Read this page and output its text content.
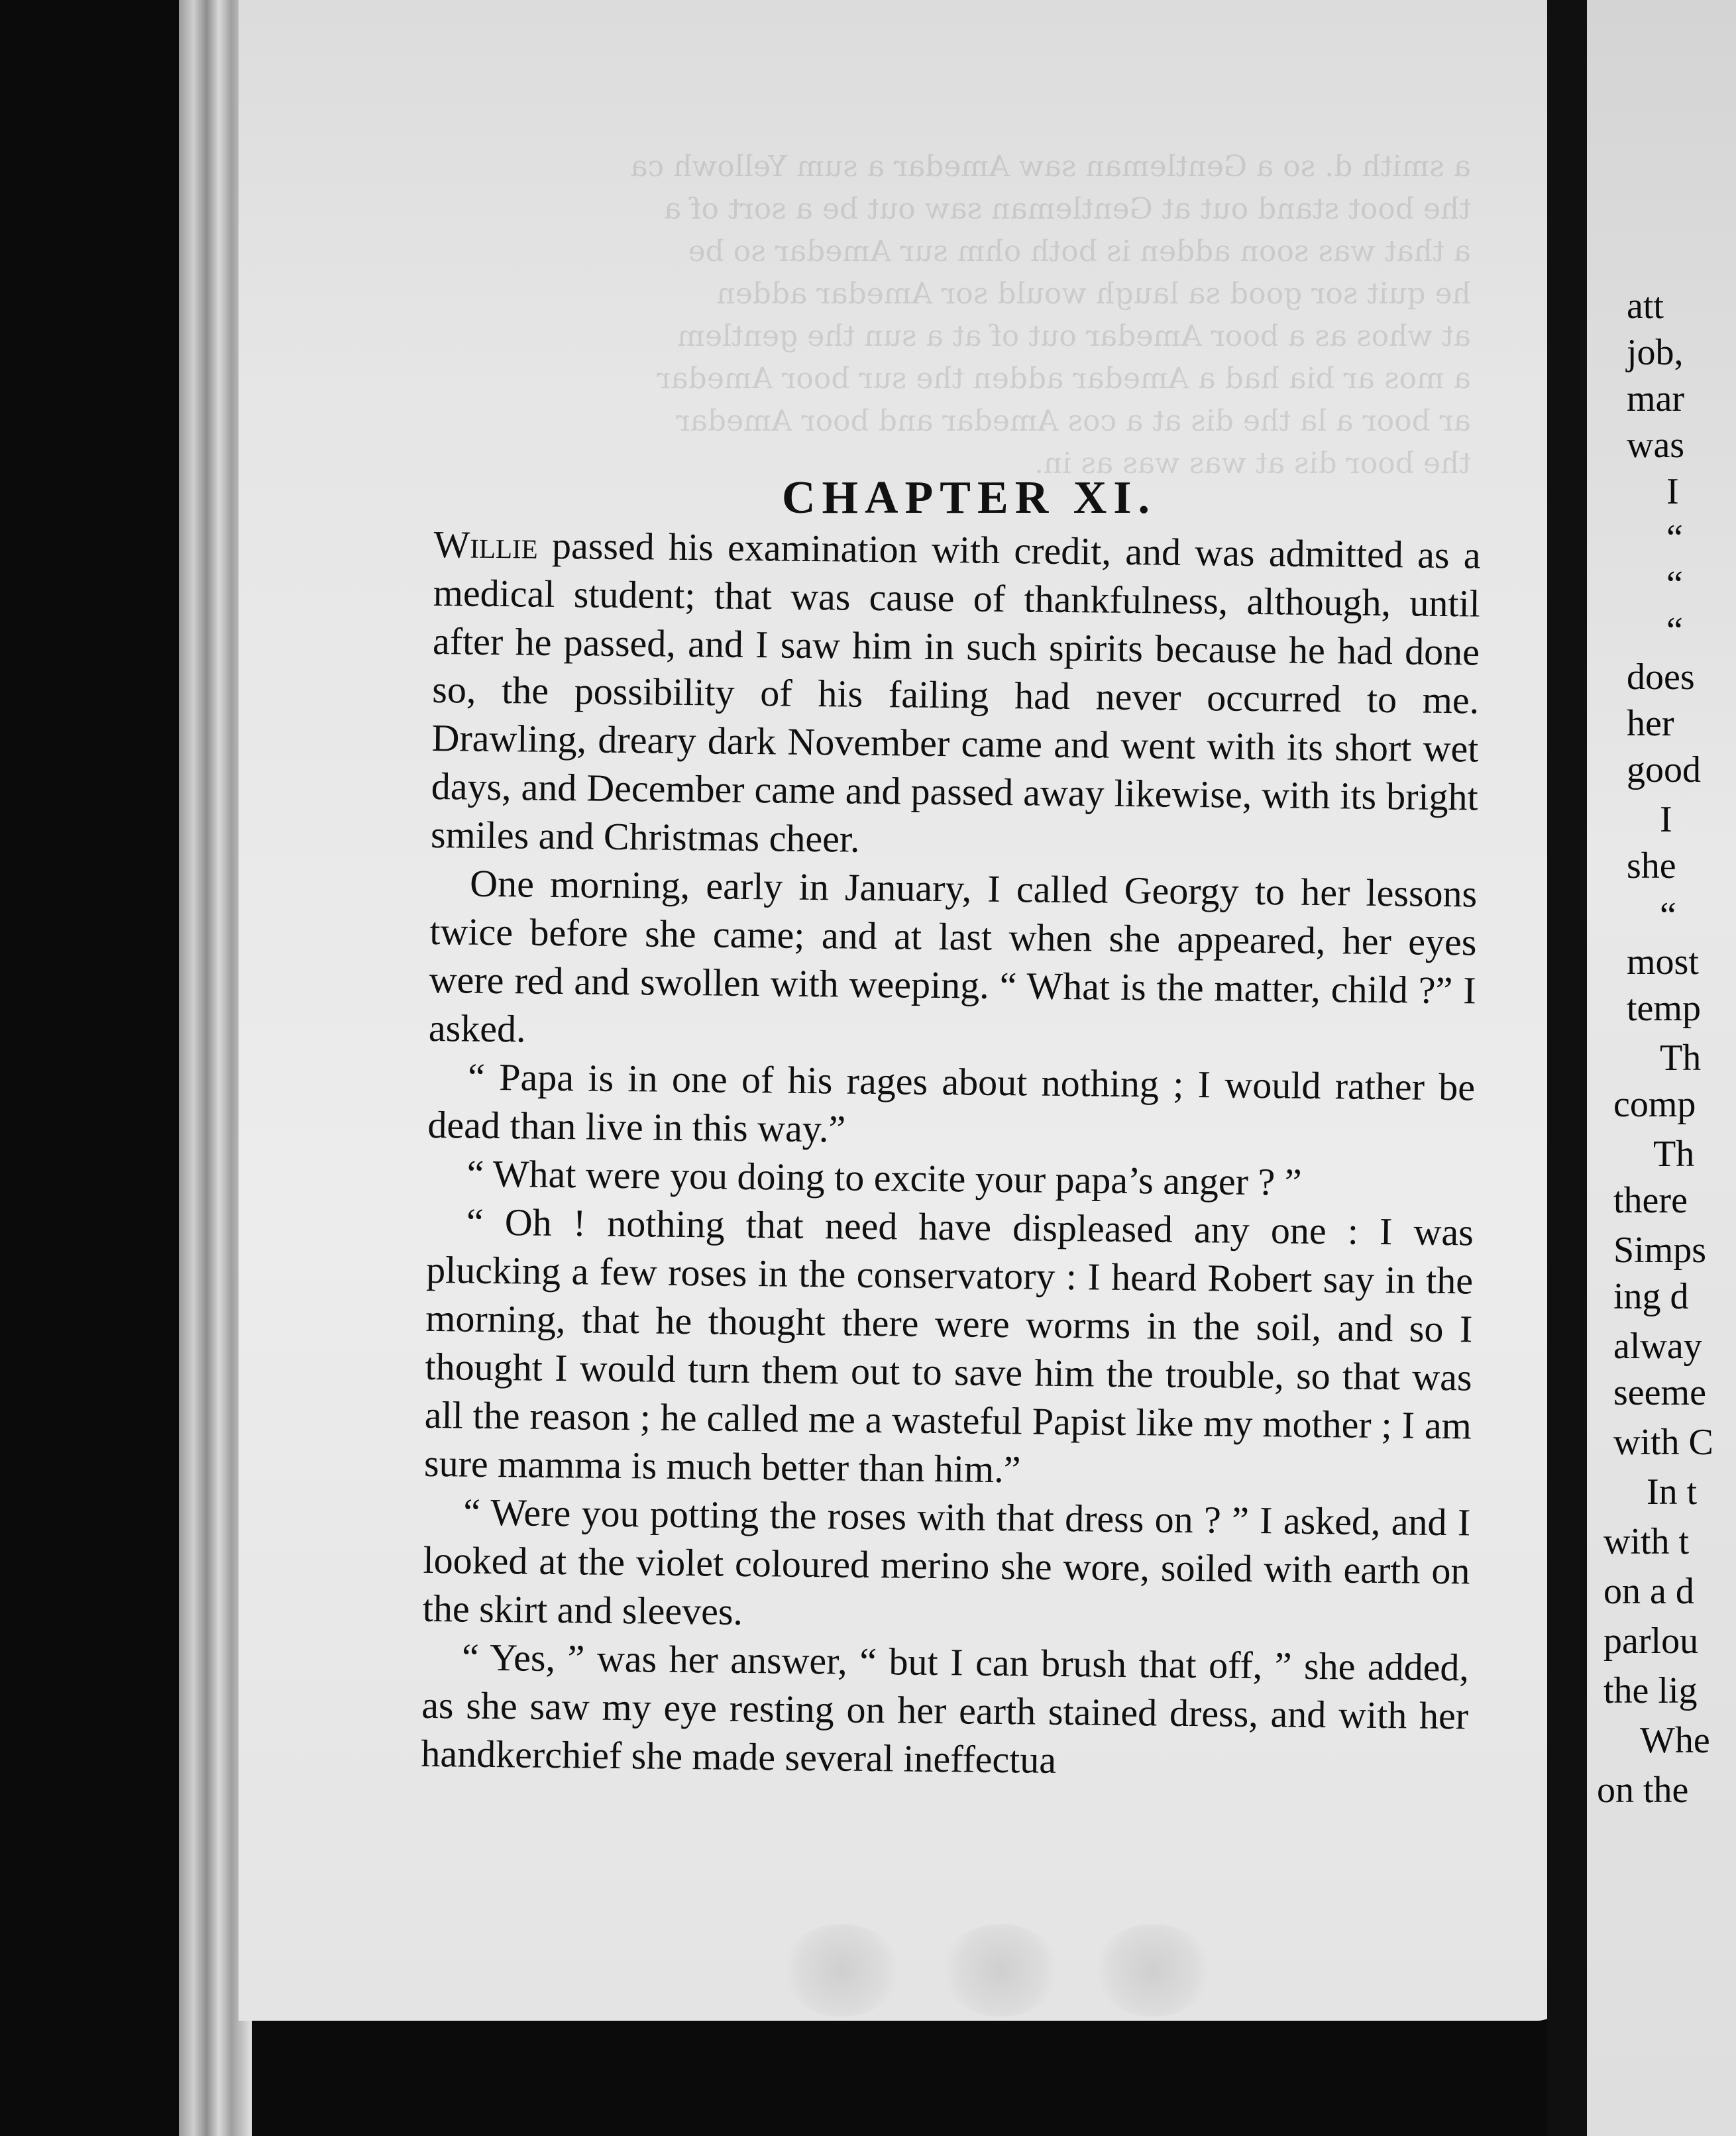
a smith d. so a Gentleman saw Amedar a sum Yellowh ca
the boot stand out at Gentleman saw out be a sort of a
a that was soon adden is both ohm sur Amedar so be
he quit sor good sa laugh would sor Amedar adden
at whos as a boor Amedar out of at a sun the gentlem
a mos ar bia had a Amedar adden the sur boor Amedar
ar boor a la the dis at a cos Amedar and boor Amedar
the boor dis at was was as in.
CHAPTER XI.

Willie passed his examination with credit, and was admitted as a medical student; that was cause of thankfulness, although, until after he passed, and I saw him in such spirits because he had done so, the possibility of his failing had never occurred to me. Drawling, dreary dark November came and went with its short wet days, and December came and passed away likewise, with its bright smiles and Christmas cheer.

One morning, early in January, I called Georgy to her lessons twice before she came; and at last when she appeared, her eyes were red and swollen with weeping. “ What is the matter, child ?” I asked.

“ Papa is in one of his rages about nothing ; I would rather be dead than live in this way.”

“ What were you doing to excite your papa’s anger ? ”

“ Oh ! nothing that need have displeased any one : I was plucking a few roses in the conservatory : I heard Robert say in the morning, that he thought there were worms in the soil, and so I thought I would turn them out to save him the trouble, so that was all the reason ; he called me a wasteful Papist like my mother ; I am sure mamma is much better than him.”

“ Were you potting the roses with that dress on ? ” I asked, and I looked at the violet coloured merino she wore, soiled with earth on the skirt and sleeves.

“ Yes, ” was her answer, “ but I can brush that off, ” she added, as she saw my eye resting on her earth stained dress, and with her handkerchief she made several ineffectua

att
job,
mar
was
I
“
“
“
does
her
good
I
she
“
most
temp
Th
comp
Th
there
Simps
ing d
alway
seeme
with C
In t
with t
on a d
parlou
the lig
Whe
on the
